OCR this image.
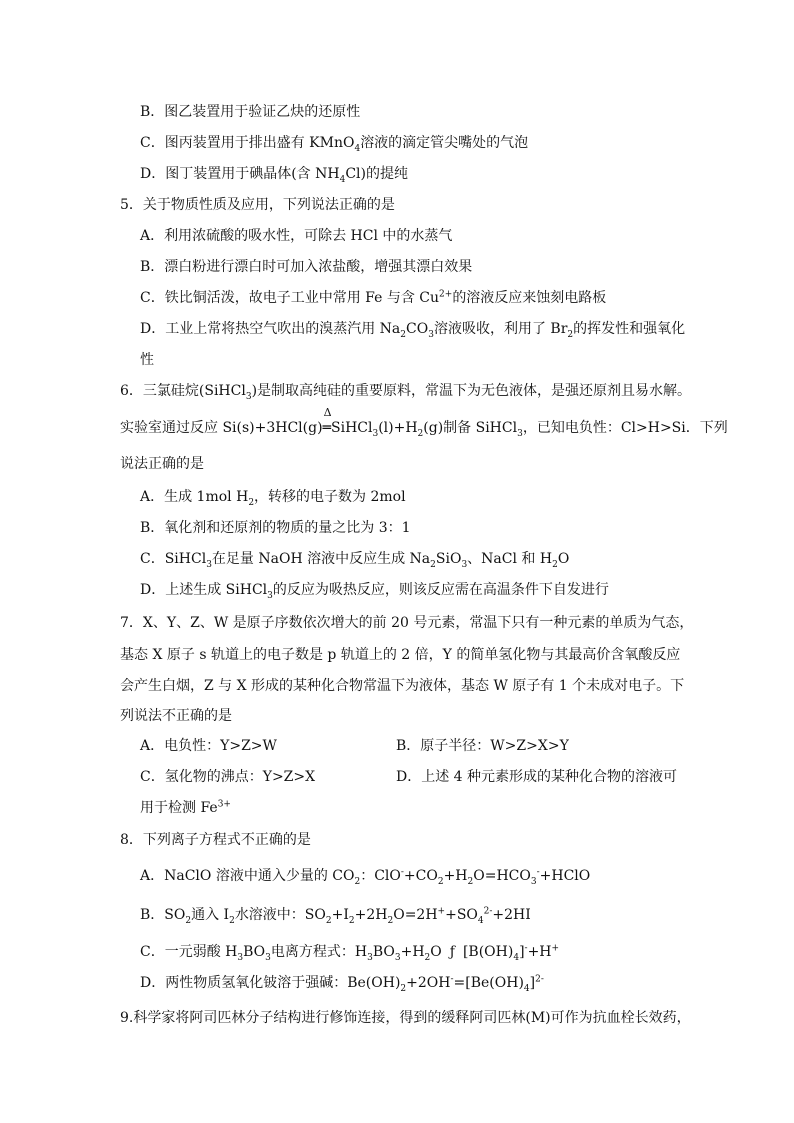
B．图乙装置用于验证乙炔的还原性
C．图丙装置用于排出盛有 KMnO$_4$溶液的滴定管尖嘴处的气泡
D．图丁装置用于碘晶体(含 $NH_4Cl$)的提纯
5．关于物质性质及应用，下列说法正确的是
A．利用浓硫酸的吸水性，可除去 HCl 中的水蒸气
B．漂白粉进行漂白时可加入浓盐酸，增强其漂白效果
C．铁比铜活泼，故电子工业中常用 Fe 与含 $Cu^{2+}$的溶液反应来蚀刻电路板
D．工业上常将热空气吹出的溴蒸汽用 $Na_2CO_3$溶液吸收，利用了 $Br_2$的挥发性和强氧化
性
6．三氯硅烷(SiHCl$_3$)是制取高纯硅的重要原料，常温下为无色液体，是强还原剂且易水解。
实验室通过反应 Si(s)+3HCl(g)
Δ
$═SiHCl_3(l)+H_2(g)$制备 SiHCl$_3$，已知电负性：Cl>H>Si．下列
说法正确的是
A．生成 1mol $H_2$，转移的电子数为 2mol
B．氧化剂和还原剂的物质的量之比为 3：1
C．SiHCl$_3$在足量 NaOH 溶液中反应生成 $Na_2SiO_3$、NaCl 和 $H_2O$
D．上述生成 SiHCl$_3$的反应为吸热反应，则该反应需在高温条件下自发进行
7．X、Y、Z、W 是原子序数依次增大的前 20 号元素，常温下只有一种元素的单质为气态，
基态 X 原子 s 轨道上的电子数是 p 轨道上的 2 倍，Y 的简单氢化物与其最高价含氧酸反应
会产生白烟，Z 与 X 形成的某种化合物常温下为液体，基态 W 原子有 1 个未成对电子。下
列说法不正确的是
A．电负性：Y>Z>W	B．原子半径：W>Z>X>Y
C．氢化物的沸点：Y>Z>X	D．上述 4 种元素形成的某种化合物的溶液可
用于检测 $Fe^{3+}$
8．下列离子方程式不正确的是
A．NaClO 溶液中通入少量的 $CO_2$：$ClO^-+CO_2+H_2O=HCO_3^-+HClO$
B．$SO_2$通入 $I_2$水溶液中：$SO_2+I_2+2H_2O=2H^++SO_4^{2-}+2HI$
C．一元弱酸 $H_3BO_3$电离方程式：$H_3BO_3+H_2O$ ƒ $[B(OH)_4]^-+H^+$
D．两性物质氢氧化铍溶于强碱：$Be(OH)_2+2OH^-=[Be(OH)_4]^{2-}$
9.科学家将阿司匹林分子结构进行修饰连接，得到的缓释阿司匹林(M)可作为抗血栓长效药，
